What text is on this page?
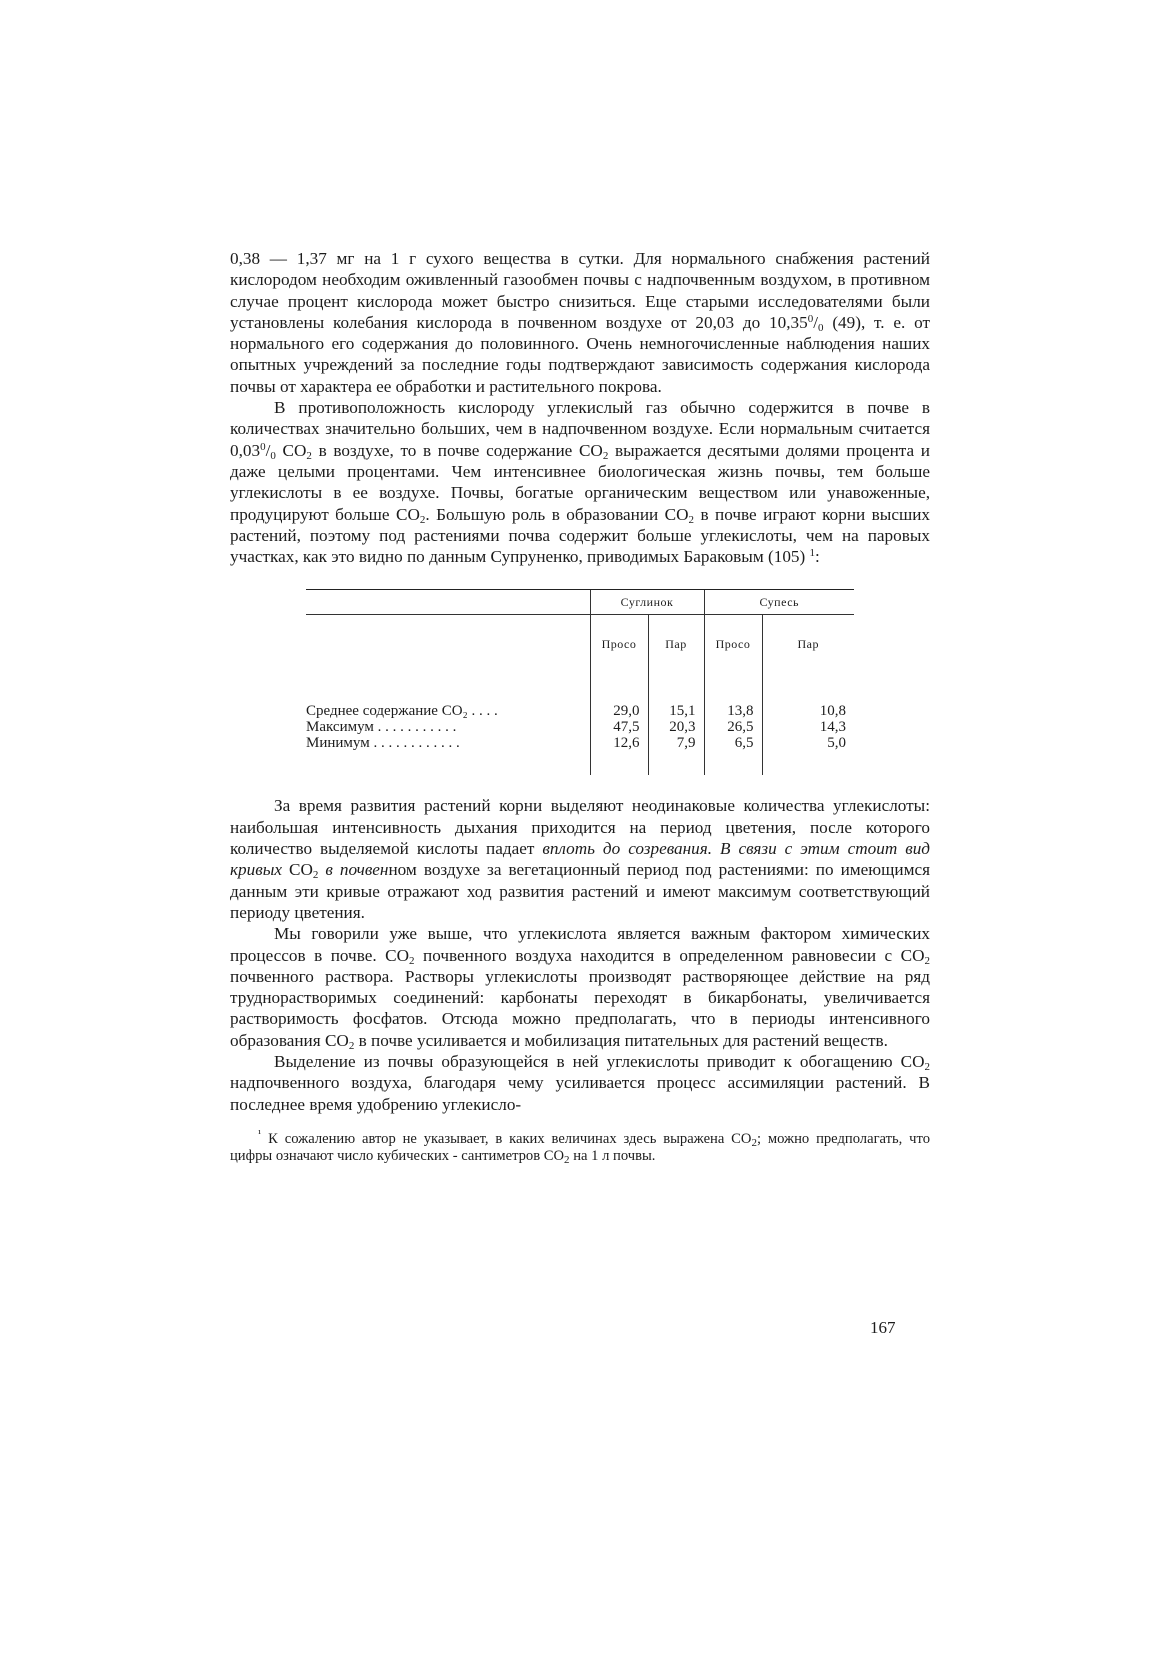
0,38 — 1,37 мг на 1 г сухого вещества в сутки. Для нормального снабжения растений кислородом необходим оживленный газообмен почвы с надпочвенным воздухом, в противном случае процент кислорода может быстро снизиться. Еще старыми исследователями были установлены колебания кислорода в почвенном воздухе от 20,03 до $10,35^0/_0$ (49), т. е. от нормального его содержания до половинного. Очень немногочисленные наблюдения наших опытных учреждений за последние годы подтверждают зависимость содержания кислорода почвы от характера ее обработки и растительного покрова.

В противоположность кислороду углекислый газ обычно содержится в почве в количествах значительно больших, чем в надпочвенном воздухе. Если нормальным считается $0,03^0/_0$ $CO_2$ в воздухе, то в почве содержание $CO_2$ выражается десятыми долями процента и даже целыми процентами. Чем интенсивнее биологическая жизнь почвы, тем больше углекислоты в ее воздухе. Почвы, богатые органическим веществом или унавоженные, продуцируют больше $CO_2$. Большую роль в образовании $CO_2$ в почве играют корни высших растений, поэтому под растениями почва содержит больше углекислоты, чем на паровых участках, как это видно по данным Супруненко, приводимых Бараковым (105) $^1$:

	Суглинок		Супесь	
	Просо	Пар	Просо	Пар

Среднее содержание CO₂ . . . .	29,0	15,1	13,8	10,8
Максимум . . . . . . . . . . .	47,5	20,3	26,5	14,3
Минимум . . . . . . . . . . . .	12,6	7,9	6,5	5,0

За время развития растений корни выделяют неодинаковые количества углекислоты: наибольшая интенсивность дыхания приходится на период цветения, после которого количество выделяемой кислоты падает вплоть до созревания. В связи с этим стоит вид кривых $CO_2$ в почвенном воздухе за вегетационный период под растениями: по имеющимся данным эти кривые отражают ход развития растений и имеют максимум соответствующий периоду цветения.

Мы говорили уже выше, что углекислота является важным фактором химических процессов в почве. $CO_2$ почвенного воздуха находится в определенном равновесии с $CO_2$ почвенного раствора. Растворы углекислоты производят растворяющее действие на ряд труднорастворимых соединений: карбонаты переходят в бикарбонаты, увеличивается растворимость фосфатов. Отсюда можно предполагать, что в периоды интенсивного образования $CO_2$ в почве усиливается и мобилизация питательных для растений веществ.

Выделение из почвы образующейся в ней углекислоты приводит к обогащению $CO_2$ надпочвенного воздуха, благодаря чему усиливается процесс ассимиляции растений. В последнее время удобрению углекисло-

$^{^1}$ К сожалению автор не указывает, в каких величинах здесь выражена $CO_2$; можно предполагать, что цифры означают число кубических - сантиметров $CO_2$ на 1 л почвы.

167
